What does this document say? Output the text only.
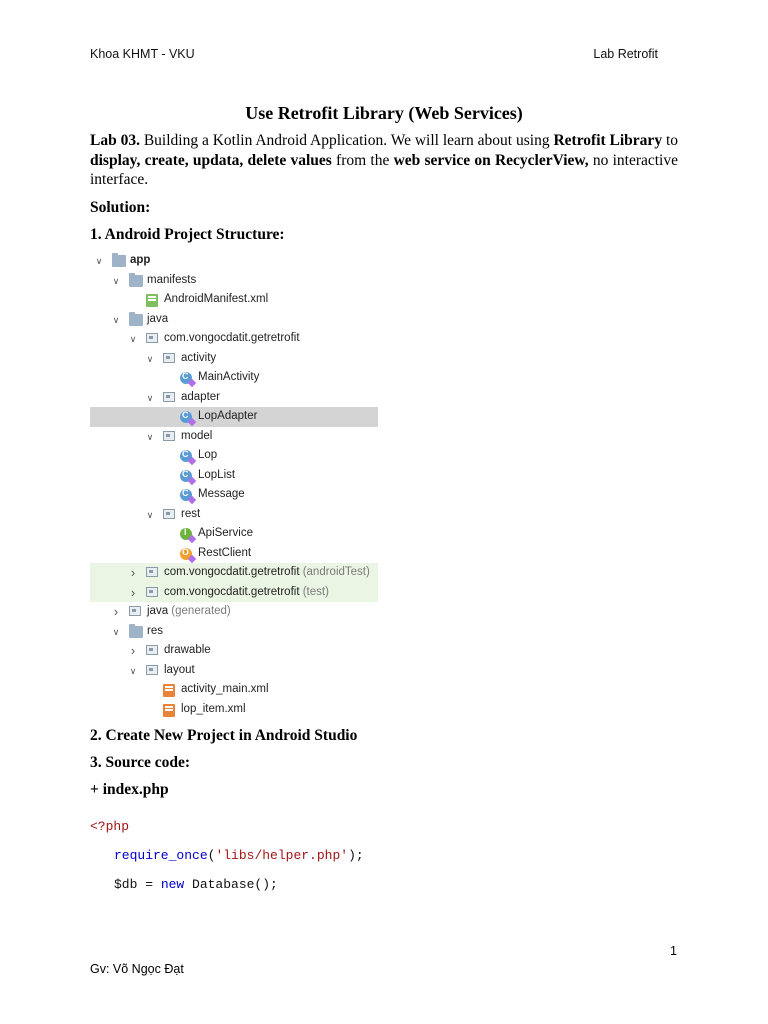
Khoa KHMT - VKU	Lab Retrofit
Use Retrofit Library (Web Services)
Lab 03. Building a Kotlin Android Application. We will learn about using Retrofit Library to display, create, updata, delete values from the web service on RecyclerView, no interactive interface.
Solution:
1. Android Project Structure:
∨ app
∨ manifests
AndroidManifest.xml
∨ java
∨ com.vongocdatit.getretrofit
∨ activity
C
MainActivity
∨ adapter
C
LopAdapter
∨ model
C
Lop
C
LopList
C
Message
∨ rest
I
ApiService
O
RestClient
›	com.vongocdatit.getretrofit (androidTest)
›	com.vongocdatit.getretrofit (test)
›	java (generated)
∨ res
›	drawable
∨ layout
activity_main.xml
lop_item.xml
2. Create New Project in Android Studio
3. Source code:
+ index.php
<?php
require_once('libs/helper.php');
$db = new Database();
1
Gv: Võ Ngọc Đạt
